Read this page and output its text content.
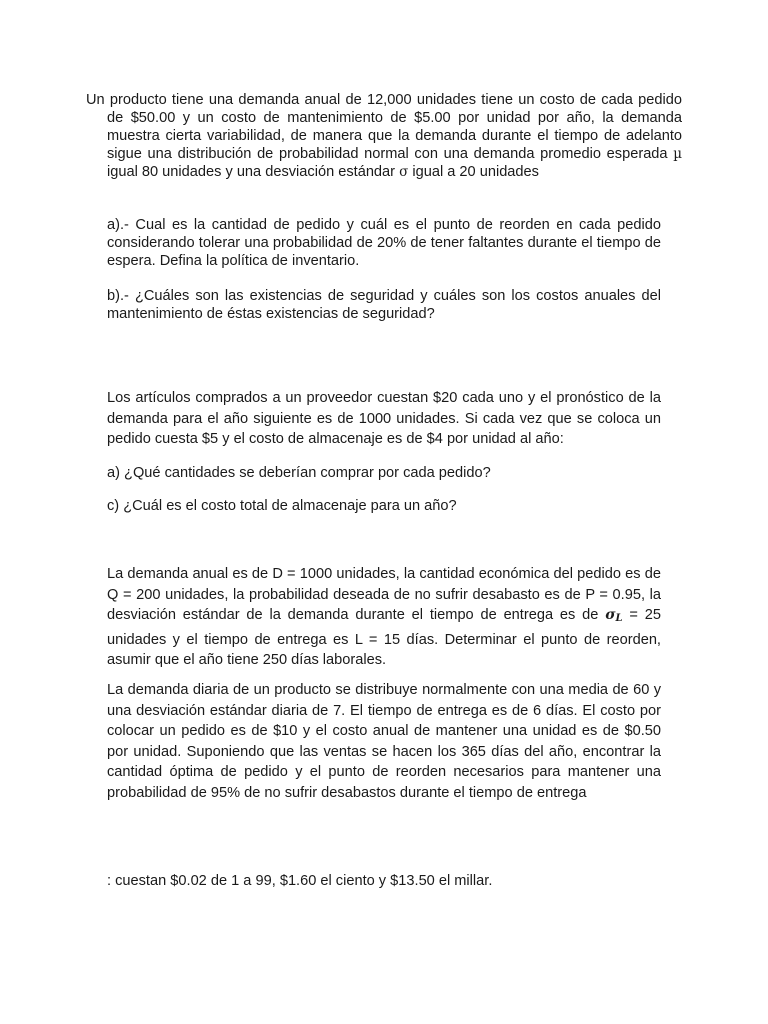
Un producto tiene una demanda anual de 12,000 unidades tiene un costo de cada pedido de $50.00 y un costo de mantenimiento de $5.00 por unidad por año, la demanda muestra cierta variabilidad, de manera que la demanda durante el tiempo de adelanto sigue una distribución de probabilidad normal con una demanda promedio esperada µ igual 80 unidades y una desviación estándar σ igual a 20 unidades

a).- Cual es la cantidad de pedido y cuál es el punto de reorden en cada pedido considerando tolerar una probabilidad de 20% de tener faltantes durante el tiempo de espera. Defina la política de inventario.

b).- ¿Cuáles son las existencias de seguridad y cuáles son los costos anuales del mantenimiento de éstas existencias de seguridad?

Los artículos comprados a un proveedor cuestan $20 cada uno y el pronóstico de la demanda para el año siguiente es de 1000 unidades. Si cada vez que se coloca un pedido cuesta $5 y el costo de almacenaje es de $4 por unidad al año:

a) ¿Qué cantidades se deberían comprar por cada pedido?

c) ¿Cuál es el costo total de almacenaje para un año?

La demanda anual es de D = 1000 unidades, la cantidad económica del pedido es de Q = 200 unidades, la probabilidad deseada de no sufrir desabasto es de P = 0.95, la desviación estándar de la demanda durante el tiempo de entrega es de $\sigma_L = 25$ unidades y el tiempo de entrega es L = 15 días. Determinar el punto de reorden, asumir que el año tiene 250 días laborales.

La demanda diaria de un producto se distribuye normalmente con una media de 60 y una desviación estándar diaria de 7. El tiempo de entrega es de 6 días. El costo por colocar un pedido es de $10 y el costo anual de mantener una unidad es de $0.50 por unidad. Suponiendo que las ventas se hacen los 365 días del año, encontrar la cantidad óptima de pedido y el punto de reorden necesarios para mantener una probabilidad de 95% de no sufrir desabastos durante el tiempo de entrega

: cuestan $0.02 de 1 a 99, $1.60 el ciento y $13.50 el millar.
